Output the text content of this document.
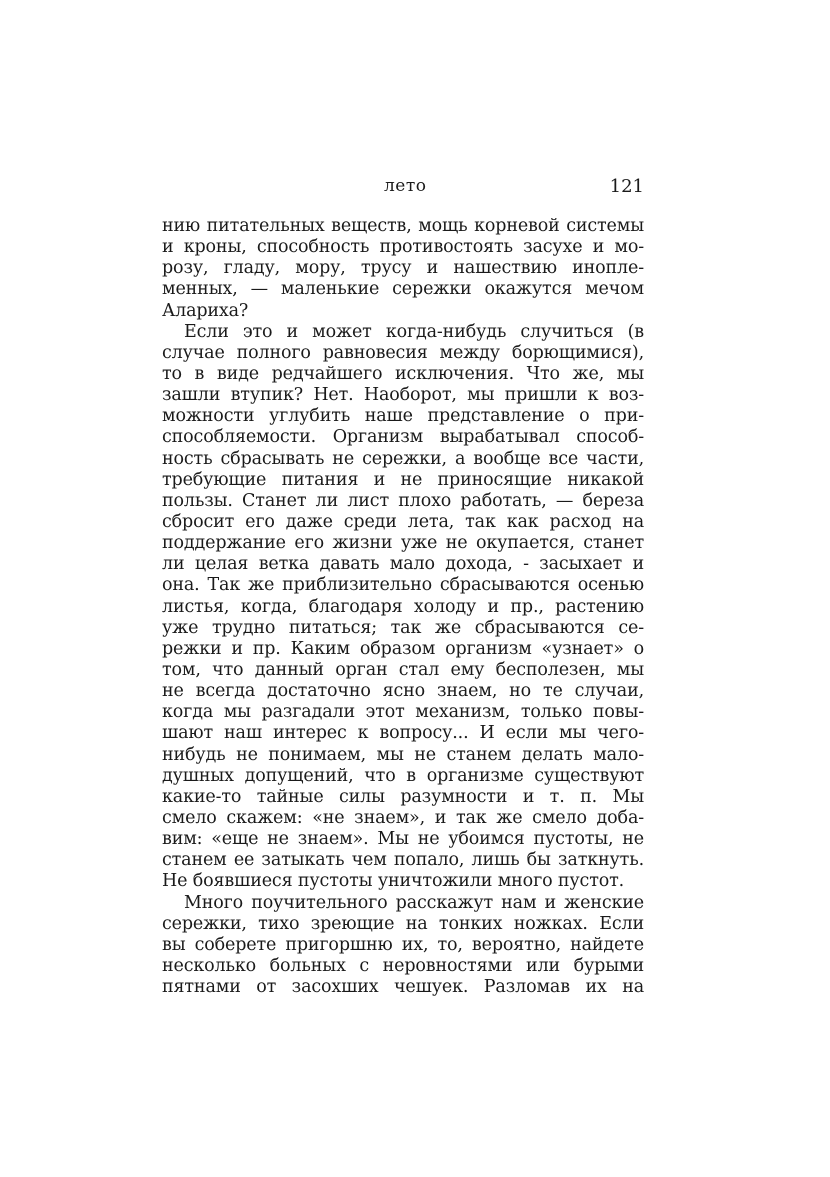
лето	121
нию питательных веществ, мощь корневой системы
и кроны, способность противостоять засухе и мо-
розу, гладу, мору, трусу и нашествию инопле-
менных, — маленькие сережки окажутся мечом
Алариха?
Если это и может когда-нибудь случиться (в
случае полного равновесия между борющимися),
то в виде редчайшего исключения. Что же, мы
зашли втупик? Нет. Наоборот, мы пришли к воз-
можности углубить наше представление о при-
способляемости. Организм вырабатывал способ-
ность сбрасывать не сережки, а вообще все части,
требующие питания и не приносящие никакой
пользы. Станет ли лист плохо работать, — береза
сбросит его даже среди лета, так как расход на
поддержание его жизни уже не окупается, станет
ли целая ветка давать мало дохода, - засыхает и
она. Так же приблизительно сбрасываются осенью
листья, когда, благодаря холоду и пр., растению
уже трудно питаться; так же сбрасываются се-
режки и пр. Каким образом организм «узнает» о
том, что данный орган стал ему бесполезен, мы
не всегда достаточно ясно знаем, но те случаи,
когда мы разгадали этот механизм, только повы-
шают наш интерес к вопросу... И если мы чего-
нибудь не понимаем, мы не станем делать мало-
душных допущений, что в организме существуют
какие-то тайные силы разумности и т. п. Мы
смело скажем: «не знаем», и так же смело доба-
вим: «еще не знаем». Мы не убоимся пустоты, не
станем ее затыкать чем попало, лишь бы заткнуть.
Не боявшиеся пустоты уничтожили много пустот.
Много поучительного расскажут нам и женские
сережки, тихо зреющие на тонких ножках. Если
вы соберете пригоршню их, то, вероятно, найдете
несколько больных с неровностями или бурыми
пятнами от засохших чешуек. Разломав их на
